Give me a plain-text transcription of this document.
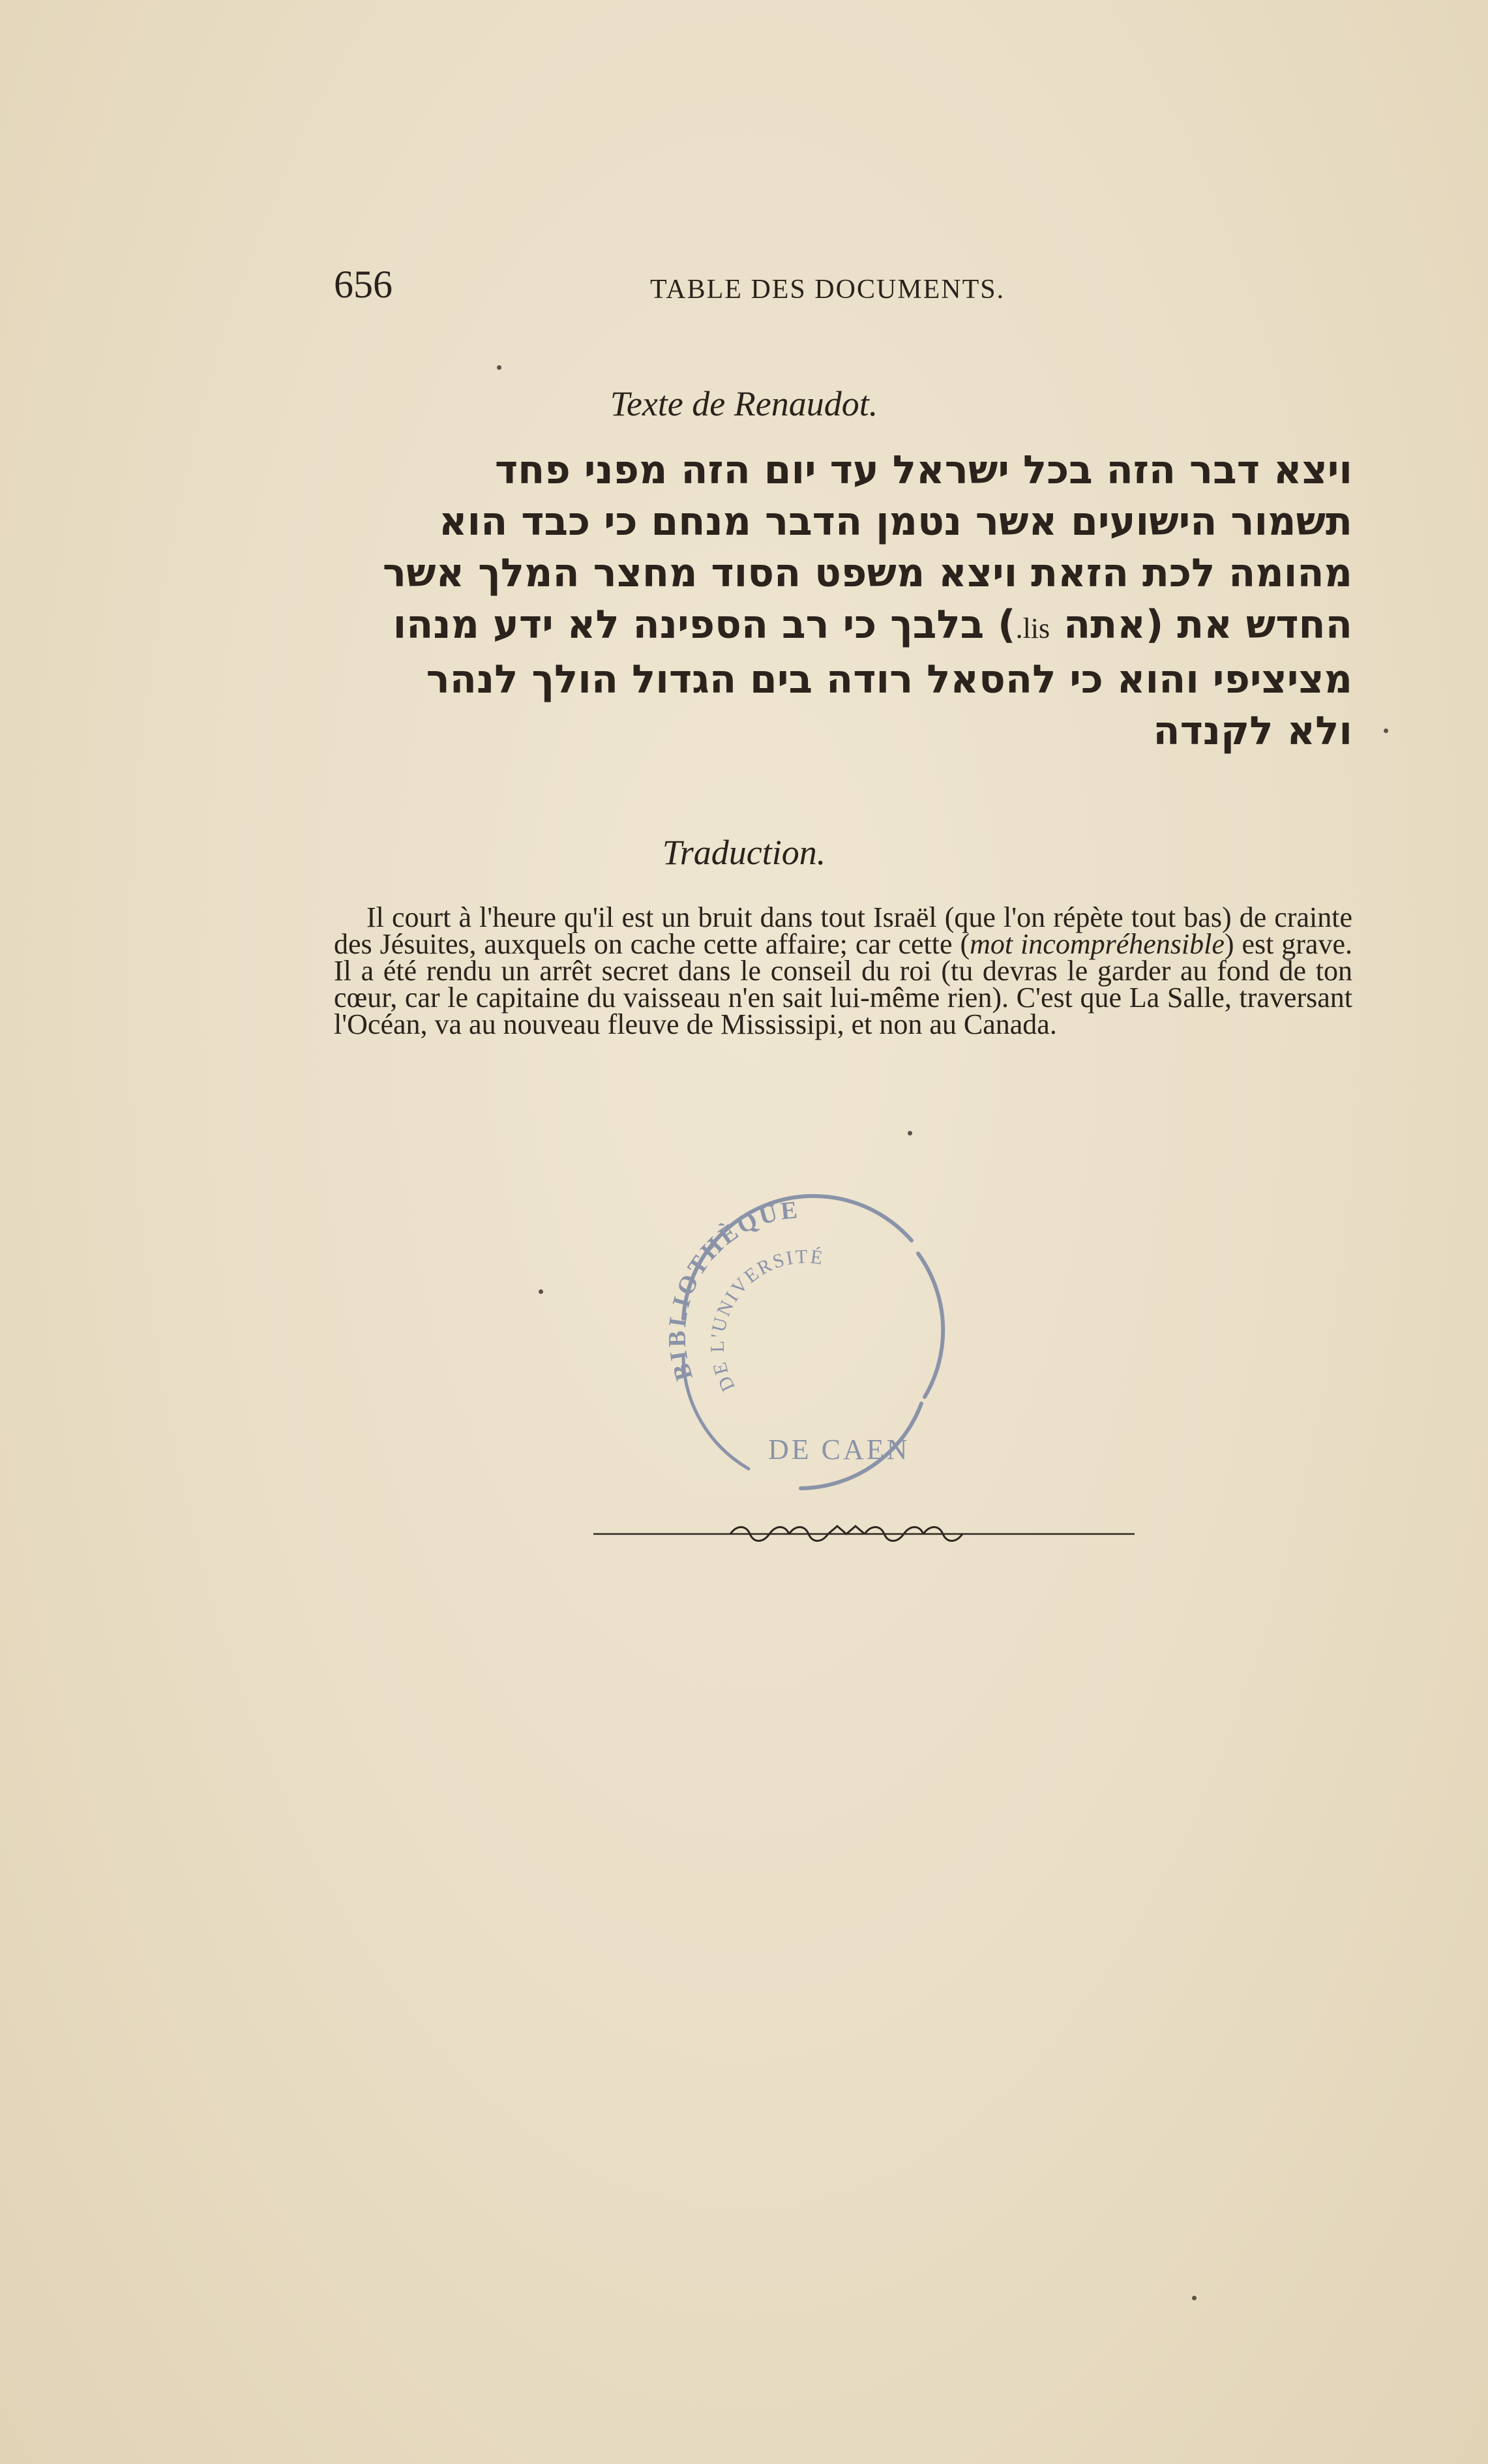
656	TABLE DES DOCUMENTS.
Texte de Renaudot.
ויצא דבר הזה בכל ישראל עד יום הזה מפני פחד
תשמור הישועים אשר נטמן הדבר מנחם כי כבד הוא
מהומה לכת הזאת ויצא משפט הסוד מחצר המלך אשר
החדש את (אתה lis.) בלבך כי רב הספינה לא ידע מנהו
מציציפי והוא כי להסאל רודה בים הגדול הולך לנהר
ולא לקנדה
Traduction.

Il court à l'heure qu'il est un bruit dans tout Israël (que l'on répète tout bas) de crainte des Jésuites, auxquels on cache cette affaire; car cette (mot incompréhensible) est grave. Il a été rendu un arrêt secret dans le conseil du roi (tu devras le garder au fond de ton cœur, car le capitaine du vaisseau n'en sait lui-même rien). C'est que La Salle, traversant l'Océan, va au nouveau fleuve de Mississipi, et non au Canada.

BIBLIOTHÈQUE
DE L'UNIVERSITÉ
DE CAEN
